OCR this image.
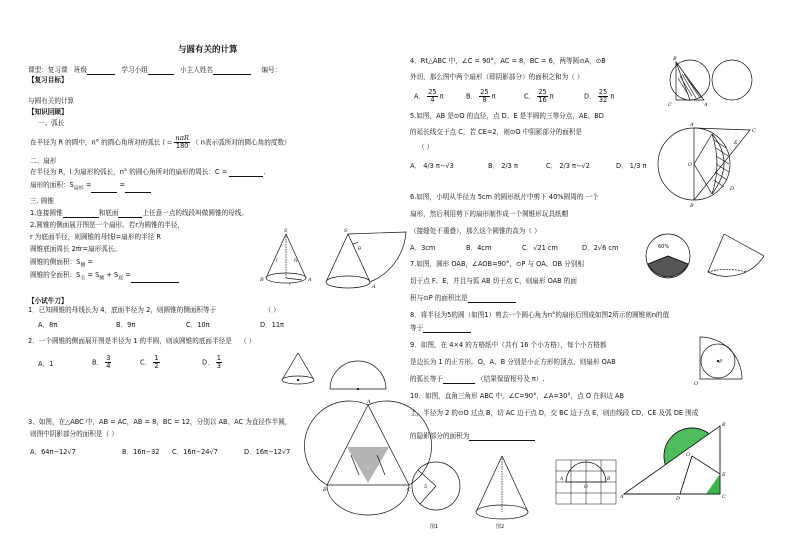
与圆有关的计算
课型：复习课 班级	学习小组	小主人姓名	编号：
【复习目标】
与圆有关的计算
【知识回顾】
一、弧长
在半径为 R 的圆中，n° 的圆心角所对的弧长 $l = \frac{\text{nπR}}{180}$ （ n表示弧所对的圆心角的度数）
二、扇形
在半径为 R，l 为扇形的弧长，n° 的圆心角所对的扇形的周长：C =	.
扇形的面积：$S_{扇形}$ =	=
三. 圆锥
1.连接圆锥	和底面	上任意一点的线段叫做圆锥的母线。
2.圆锥的侧面展开图是一个扇形。若r为圆锥的半径，
r 为底面半径，则圆锥的母线l=扇形的半径 R
圆锥底面周长 2πr=扇形弧长。
圆锥的侧面积：$S_侧$ =
圆锥的全面积：$S_全 = S_侧 + S_底$ =
S
l	h
r
A
B
S
θ
A
【小试牛刀】
1．已知圆锥的母线长为 4，底面半径为 2，则圆锥的侧面积等于	（ ）
A．8π	B．9π	C．10π	D．11π
2．一个圆锥的侧面展开图是半径为 1 的半圆，则该圆锥的底面半径是 （ ）
A．1	B． $\frac{3}{4}$	C． $\frac{1}{2}$	D． $\frac{1}{3}$
3、如图，在△ABC 中，AB = AC，AB = 8，BC = 12，分别以 AB、AC 为直径作半圆，
则图中阴影部分的面积是（ ）
A．64π−12√7	B．16π−32 C．16π−24√7	D．16π−12√7
A
B	C
4．Rt△ABC 中，∠C = 90°，AC = 8，BC = 6，两等圆⊙A，⊙B
外切，那么图中两个扇形（即阴影部分）的面积之和为（ ）
A． $\frac{25}{4}$ π	B． $\frac{25}{8}$ π	C． $\frac{25}{16}$ π	D． $\frac{25}{32}$ π
B
C	A
5.如图，AB 是⊙O 的直径，点 D、E 是半圆的三等分点，AE、BD
的延长线交于点 C，若 CE=2，则⊙O 中阴影部分的面积是
（ ）
A． 4/3 π−√3	B． 2/3 π	C． 2/3 π−√2	D． 1/3 π
A
C
E
O
D
B
6.如图，小明从半径为 5cm 的圆形纸片中剪下 40%圆周的 一个
扇形，然后利用剪下的扇形制作成一个圆锥形玩具纸帽
（接缝处不重叠），那么这个圆锥的高为（ ）
A．3cm	B．4cm	C．√21 cm	D．2√6 cm	60%
7.如图，圆形 OAB，∠AOB=90°，⊙P 与 OA、OB 分别相
切于点 F、E，并且与弧 AB 切于点 C，则扇形 OAB 的面
积与⊙P 的面积比是
8．将半径为5的圆（如图1）剪去一个圆心角为n°的扇形后围成如图2所示的圆锥则n的值
等于
9．如图，在 4×4 的方格纸中（共有 16 个小方格），每个小方格都
是边长为 1 的正方形。O、A、B 分别是小正方形的顶点，则扇形 OAB
的弧长等于	（结果保留根号及 π）.
O
P
10．如图，直角三角形 ABC 中，∠C=90°，∠A=30°，点 O 在斜边 AB
上，半径为 2 的⊙O 过点 B，切 AC 边于点 D，交 BC 边于点 E，则由线段 CD、CE 及弧 DE 围成
的隐影部分的面积为
5
图1	图2
A	B
O
A
O
B
E
C
D
